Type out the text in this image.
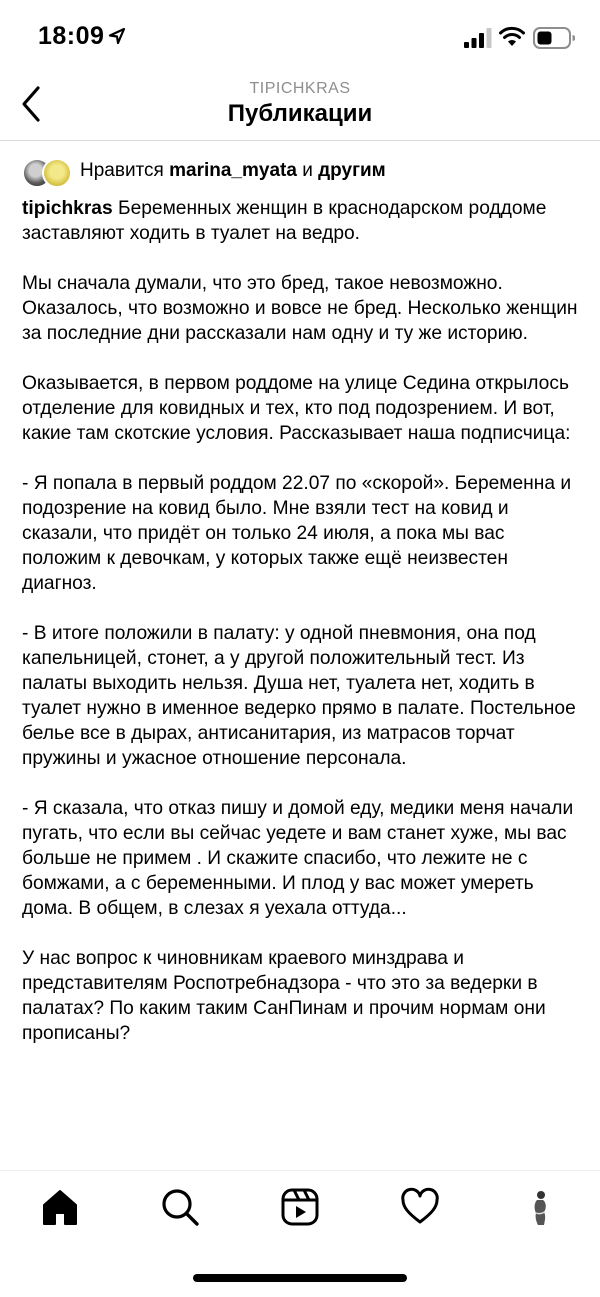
18:09
TIPICHKRAS
Публикации
Нравится marina_myata и другим

tipichkras Беременных женщин в краснодарском роддоме заставляют ходить в туалет на ведро.

Мы сначала думали, что это бред, такое невозможно. Оказалось, что возможно и вовсе не бред. Несколько женщин за последние дни рассказали нам одну и ту же историю.

Оказывается, в первом роддоме на улице Седина открылось отделение для ковидных и тех, кто под подозрением. И вот, какие там скотские условия. Рассказывает наша подписчица:

- Я попала в первый роддом 22.07 по «скорой». Беременна и подозрение на ковид было. Мне взяли тест на ковид и сказали, что придёт он только 24 июля, а пока мы вас положим к девочкам, у которых также ещё неизвестен диагноз.

- В итоге положили в палату: у одной пневмония, она под капельницей, стонет, а у другой положительный тест. Из палаты выходить нельзя. Душа нет, туалета нет, ходить в туалет нужно в именное ведерко прямо в палате. Постельное белье все в дырах, антисанитария, из матрасов торчат пружины и ужасное отношение персонала.

- Я сказала, что отказ пишу и домой еду, медики меня начали пугать, что если вы сейчас уедете и вам станет хуже, мы вас больше не примем . И скажите спасибо, что лежите не с бомжами, а с беременными. И плод у вас может умереть дома. В общем, в слезах я уехала оттуда...

У нас вопрос к чиновникам краевого минздрава и представителям Роспотребнадзора - что это за ведерки в палатах? По каким таким СанПинам и прочим нормам они прописаны?
